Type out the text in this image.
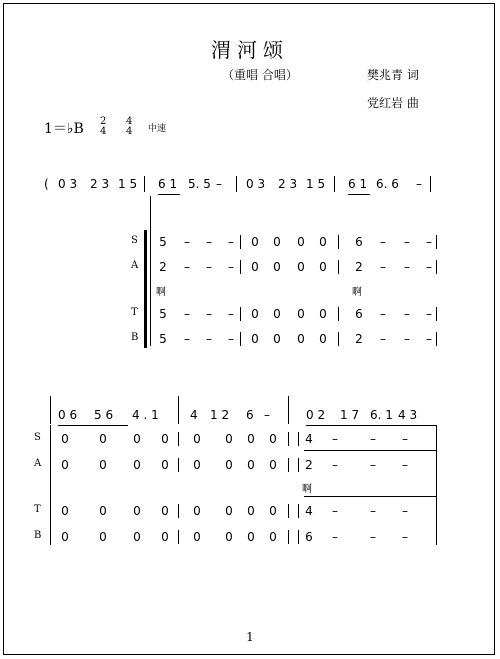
渭河颂
（重唱 合唱）	樊兆青 词
党红岩 曲
1＝♭B 2
4
4
4 中速
( 0 3	2 3 1 5	6 1 5. 5 –	0 3	2 3 1 5	6 1 6. 6	–
S 5 – – – 0 0 0 0 6 – – –
A 2 – – – 0 0 0 0 2 – – –
T 5 – – – 0 0 0 0 6 – – –
B 5 – – – 0 0 0 0 2 – – –
啊	啊
0 6	5 6	4 . 1	4	1 2	6 –	0 2	1 7 6. 1 4 3
S 0	0 0 0 0 0 0 0 4 –	– –
A 0	0 0 0 0 0 0 0 2 –	– –
T 0	0 0 0 0 0 0 0 4 –	– –
B 0	0 0 0 0 0 0 0 6 –	– –
啊
1
